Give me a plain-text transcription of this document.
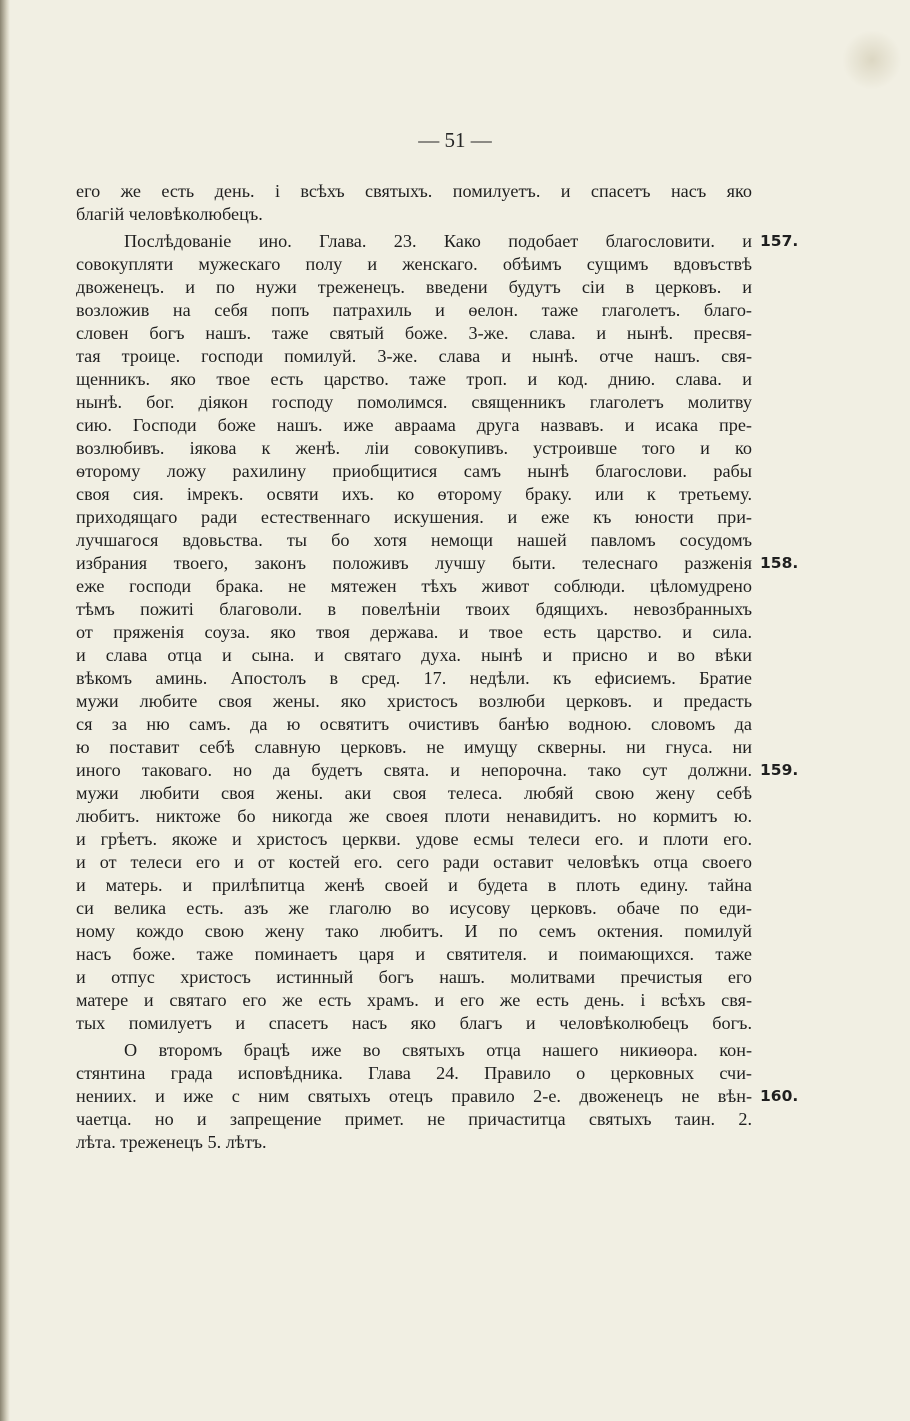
— 51 —
его же есть день. і всѣхъ святыхъ. помилуетъ. и спасетъ насъ яко
благій человѣколюбецъ.
Послѣдованіе ино. Глава. 23. Како подобает благословити. и
совокупляти мужескаго полу и женскаго. обѣимъ сущимъ вдовъствѣ
двоженецъ. и по нужи треженецъ. введени будутъ сіи в церковъ. и
возложив на себя попъ патрахиль и ѳелон. таже глаголетъ. благо-
словен богъ нашъ. таже святый боже. 3-же. слава. и нынѣ. пресвя-
тая троице. господи помилуй. 3-же. слава и нынѣ. отче нашъ. свя-
щенникъ. яко твое есть царство. таже троп. и код. днию. слава. и
нынѣ. бог. діякон господу помолимся. священникъ глаголетъ молитву
сию. Господи боже нашъ. иже авраама друга назвавъ. и исака пре-
возлюбивъ. іякова к женѣ. ліи совокупивъ. устроивше того и ко
ѳторому ложу рахилину приобщитися самъ нынѣ благослови. рабы
своя сия. імрекъ. освяти ихъ. ко ѳторому браку. или к третьему.
приходящаго ради естественнаго искушения. и еже къ юности при-
лучшагося вдовьства. ты бо хотя немощи нашей павломъ сосудомъ
избрания твоего, законъ положивъ лучшу быти. телеснаго разженія
еже господи брака. не мятежен тѣхъ живот соблюди. цѣломудрено
тѣмъ пожиті благоволи. в повелѣніи твоих бдящихъ. невозбранныхъ
от пряженія соуза. яко твоя держава. и твое есть царство. и сила.
и слава отца и сына. и святаго духа. нынѣ и присно и во вѣки
вѣкомъ аминь. Апостолъ в сред. 17. недѣли. къ ефисиемъ. Братие
мужи любите своя жены. яко христосъ возлюби церковъ. и предасть
ся за ню самъ. да ю освятитъ очистивъ банѣю водною. словомъ да
ю поставит себѣ славную церковъ. не имущу скверны. ни гнуса. ни
иного таковаго. но да будетъ свята. и непорочна. тако сут должни.
мужи любити своя жены. аки своя телеса. любяй свою жену себѣ
любитъ. никтоже бо никогда же своея плоти ненавидитъ. но кормитъ ю.
и грѣетъ. якоже и христосъ церкви. удове есмы телеси его. и плоти его.
и от телеси его и от костей его. сего ради оставит человѣкъ отца своего
и матерь. и прилѣпитца женѣ своей и будета в плоть едину. тайна
си велика есть. азъ же глаголю во исусову церковъ. обаче по еди-
ному кождо свою жену тако любитъ. И по семъ октения. помилуй
насъ боже. таже поминаетъ царя и святителя. и поимающихся. таже
и отпус христосъ истинный богъ нашъ. молитвами пречистыя его
матере и святаго его же есть храмъ. и его же есть день. і всѣхъ свя-
тых помилуетъ и спасетъ насъ яко благъ и человѣколюбецъ богъ.
О второмъ брацѣ иже во святыхъ отца нашего никиѳора. кон-
стянтина града исповѣдника. Глава 24. Правило о церковных счи-
нениих. и иже с ним святыхъ отецъ правило 2-е. двоженецъ не вѣн-
чаетца. но и запрещение примет. не причаститца святыхъ таин. 2.
лѣта. треженецъ 5. лѣтъ.
157.
158.
159.
160.
